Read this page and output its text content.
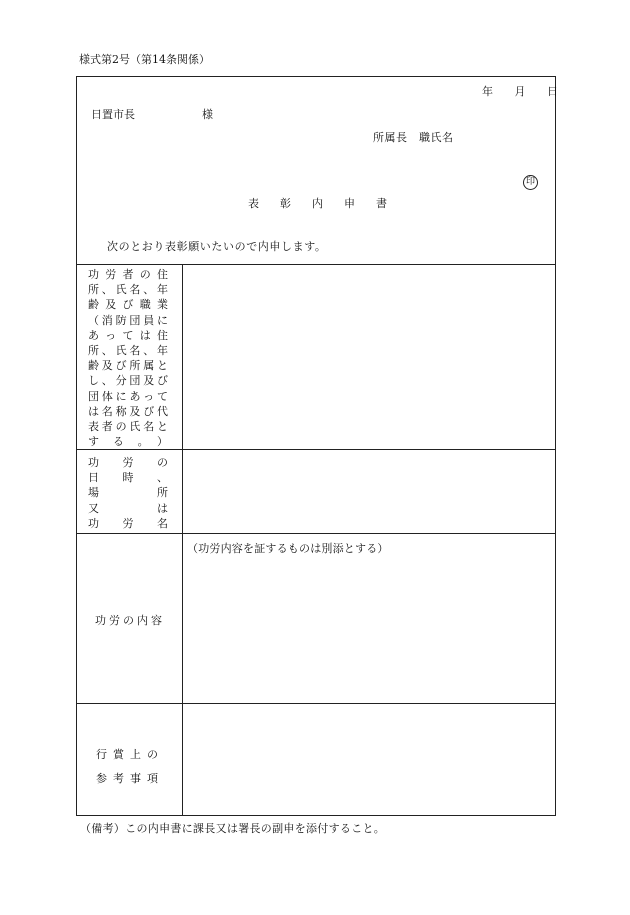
様式第2号（第14条関係）
年 月 日
日置市長	様
所属長　職氏名
印
表彰内申書
次のとおり表彰願いたいので内申します。
功労者の住
所、氏名、年
齢及び職業
（消防団員に
あっては住
所、氏名、年
齢及び所属と
し、分団及び
団体にあって
は名称及び代
表者の氏名と
する。）
功労の
日時、
場所
又は
功労名
功労の内容
（功労内容を証するものは別添とする）
行賞上の
参考事項
（備考）この内申書に課長又は署長の副申を添付すること。
